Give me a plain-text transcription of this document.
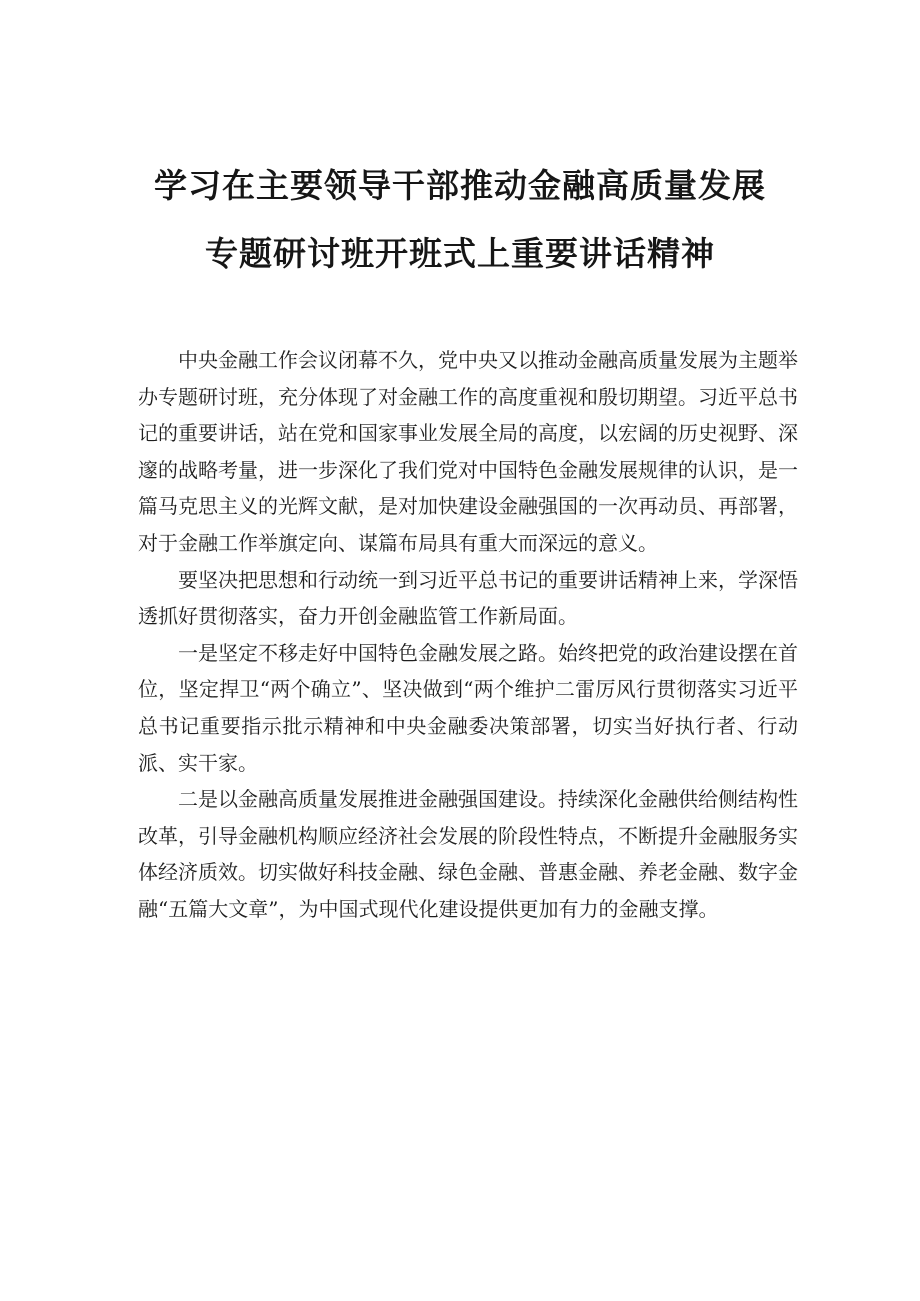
学习在主要领导干部推动金融高质量发展
专题研讨班开班式上重要讲话精神

中央金融工作会议闭幕不久，党中央又以推动金融高质量发展为主题举办专题研讨班，充分体现了对金融工作的高度重视和殷切期望。习近平总书记的重要讲话，站在党和国家事业发展全局的高度，以宏阔的历史视野、深邃的战略考量，进一步深化了我们党对中国特色金融发展规律的认识，是一篇马克思主义的光辉文献，是对加快建设金融强国的一次再动员、再部署，对于金融工作举旗定向、谋篇布局具有重大而深远的意义。

要坚决把思想和行动统一到习近平总书记的重要讲话精神上来，学深悟透抓好贯彻落实，奋力开创金融监管工作新局面。

一是坚定不移走好中国特色金融发展之路。始终把党的政治建设摆在首位，坚定捍卫“两个确立”、坚决做到“两个维护二雷厉风行贯彻落实习近平总书记重要指示批示精神和中央金融委决策部署，切实当好执行者、行动派、实干家。

二是以金融高质量发展推进金融强国建设。持续深化金融供给侧结构性改革，引导金融机构顺应经济社会发展的阶段性特点，不断提升金融服务实体经济质效。切实做好科技金融、绿色金融、普惠金融、养老金融、数字金融“五篇大文章”，为中国式现代化建设提供更加有力的金融支撑。
